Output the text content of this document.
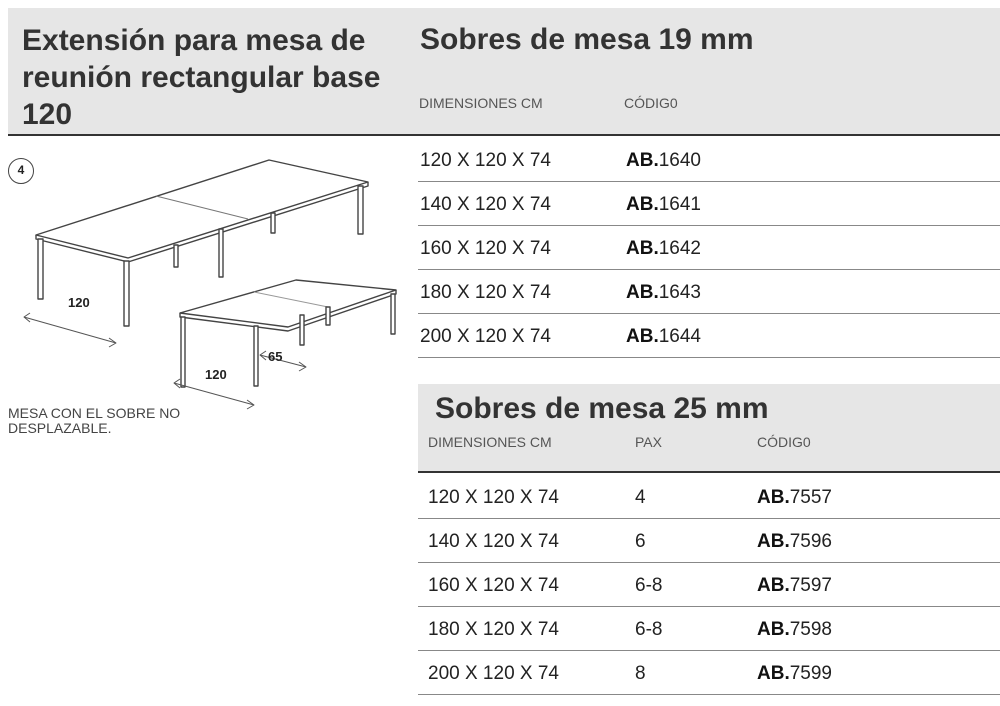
Extensión para mesa de reunión rectangular base 120
Sobres de mesa 19 mm
DIMENSIONES CM	CÓDIG0
120 X 120 X 74	AB.1640
140 X 120 X 74	AB.1641
160 X 120 X 74	AB.1642
180 X 120 X 74	AB.1643
200 X 120 X 74	AB.1644
Sobres de mesa 25 mm
DIMENSIONES CM	PAX	CÓDIG0
120 X 120 X 74	4	AB.7557
140 X 120 X 74	6	AB.7596
160 X 120 X 74	6-8	AB.7597
180 X 120 X 74	6-8	AB.7598
200 X 120 X 74	8	AB.7599
4
120
120
65
MESA CON EL SOBRE NO DESPLAZABLE.
